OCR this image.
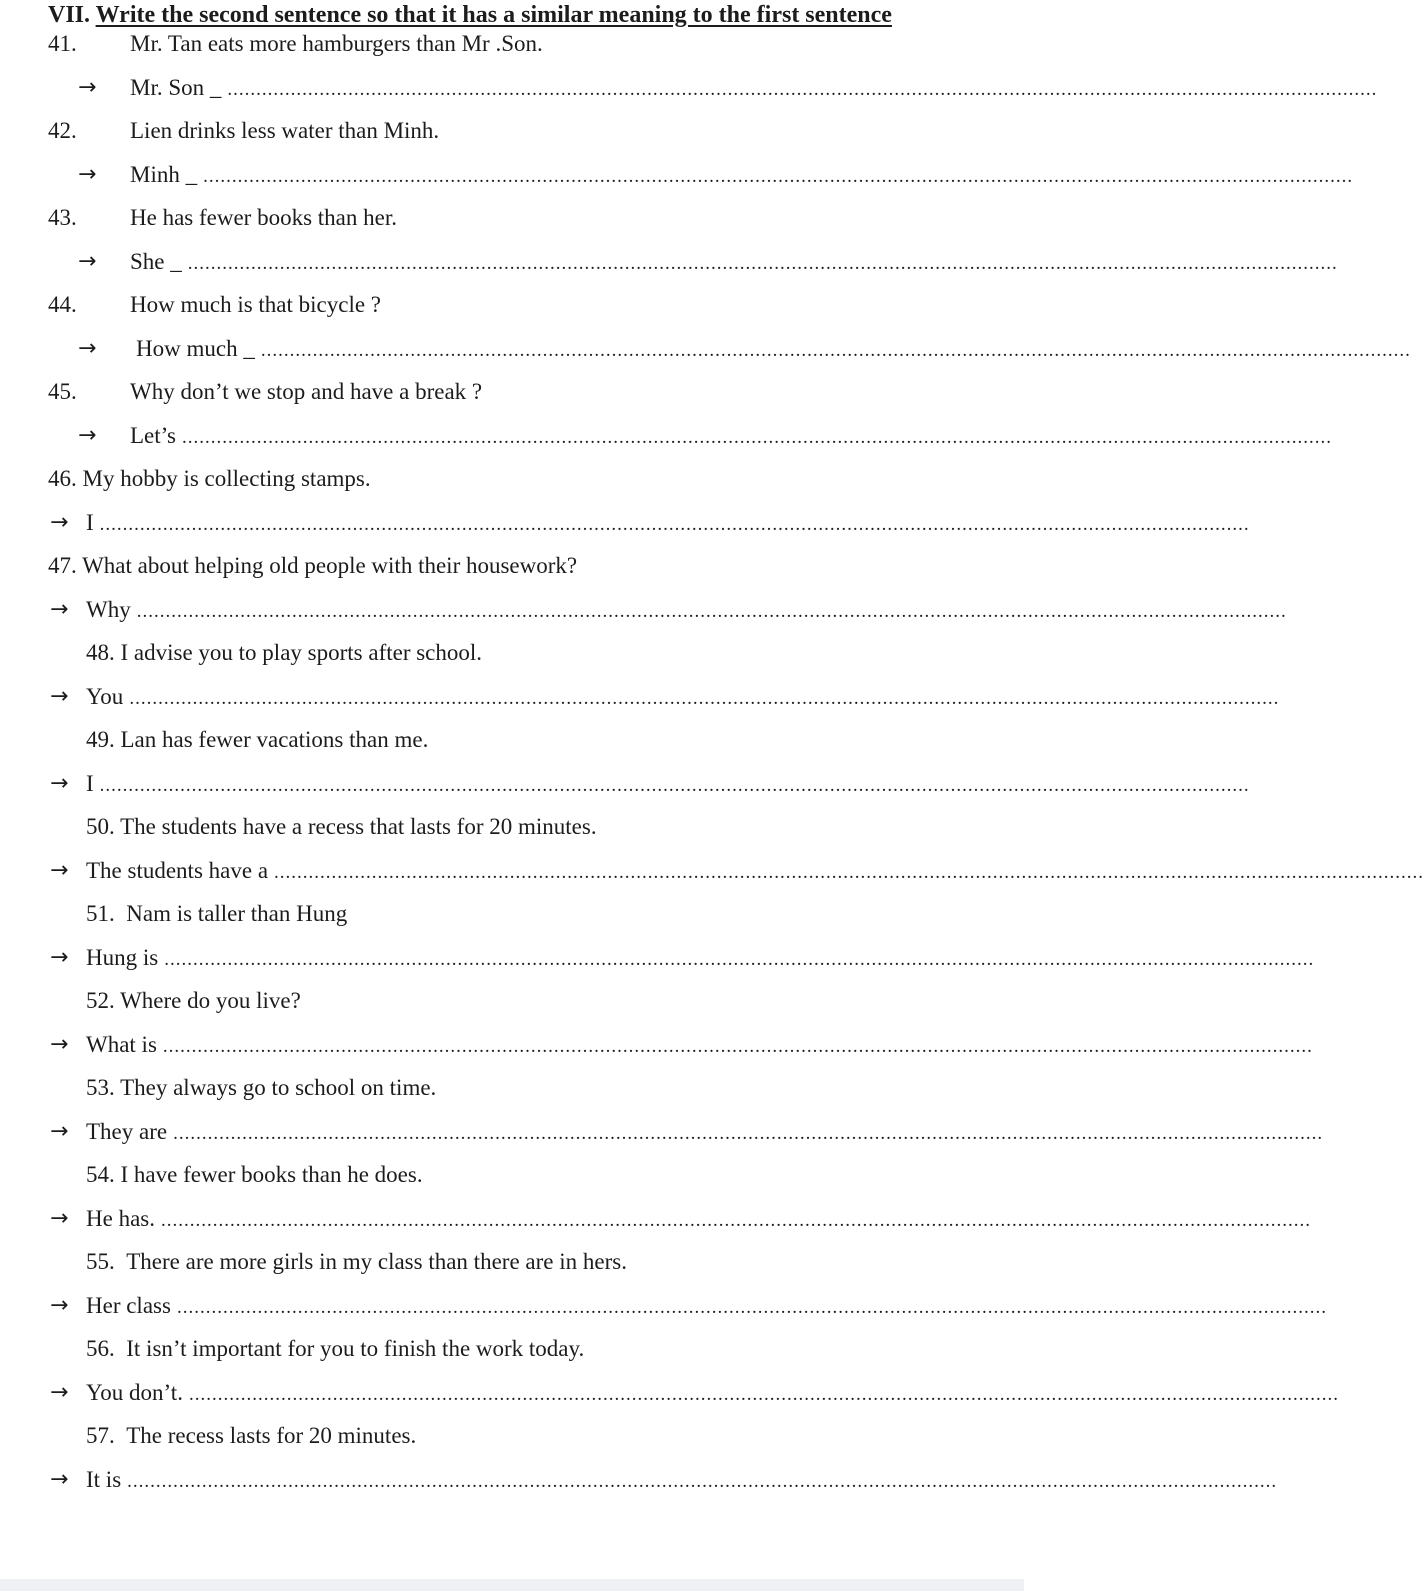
VII. Write the second sentence so that it has a similar meaning to the first sentence
41. Mr. Tan eats more hamburgers than Mr .Son.
→ Mr. Son _ ........................................................................................................................................................................................................
42. Lien drinks less water than Minh.
→ Minh _ ........................................................................................................................................................................................................
43. He has fewer books than her.
→ She _ ........................................................................................................................................................................................................
44. How much is that bicycle ?
→ How much _ ........................................................................................................................................................................................................
45. Why don’t we stop and have a break ?
→ Let’s ........................................................................................................................................................................................................
46. My hobby is collecting stamps.
→ I ........................................................................................................................................................................................................
47. What about helping old people with their housework?
→ Why ........................................................................................................................................................................................................
48. I advise you to play sports after school.
→ You ........................................................................................................................................................................................................
49. Lan has fewer vacations than me.
→ I ........................................................................................................................................................................................................
50. The students have a recess that lasts for 20 minutes.
→ The students have a ........................................................................................................................................................................................................
51. Nam is taller than Hung
→ Hung is ........................................................................................................................................................................................................
52. Where do you live?
→ What is ........................................................................................................................................................................................................
53. They always go to school on time.
→ They are ........................................................................................................................................................................................................
54. I have fewer books than he does.
→ He has. ........................................................................................................................................................................................................
55. There are more girls in my class than there are in hers.
→ Her class ........................................................................................................................................................................................................
56. It isn’t important for you to finish the work today.
→ You don’t. ........................................................................................................................................................................................................
57. The recess lasts for 20 minutes.
→ It is ........................................................................................................................................................................................................
